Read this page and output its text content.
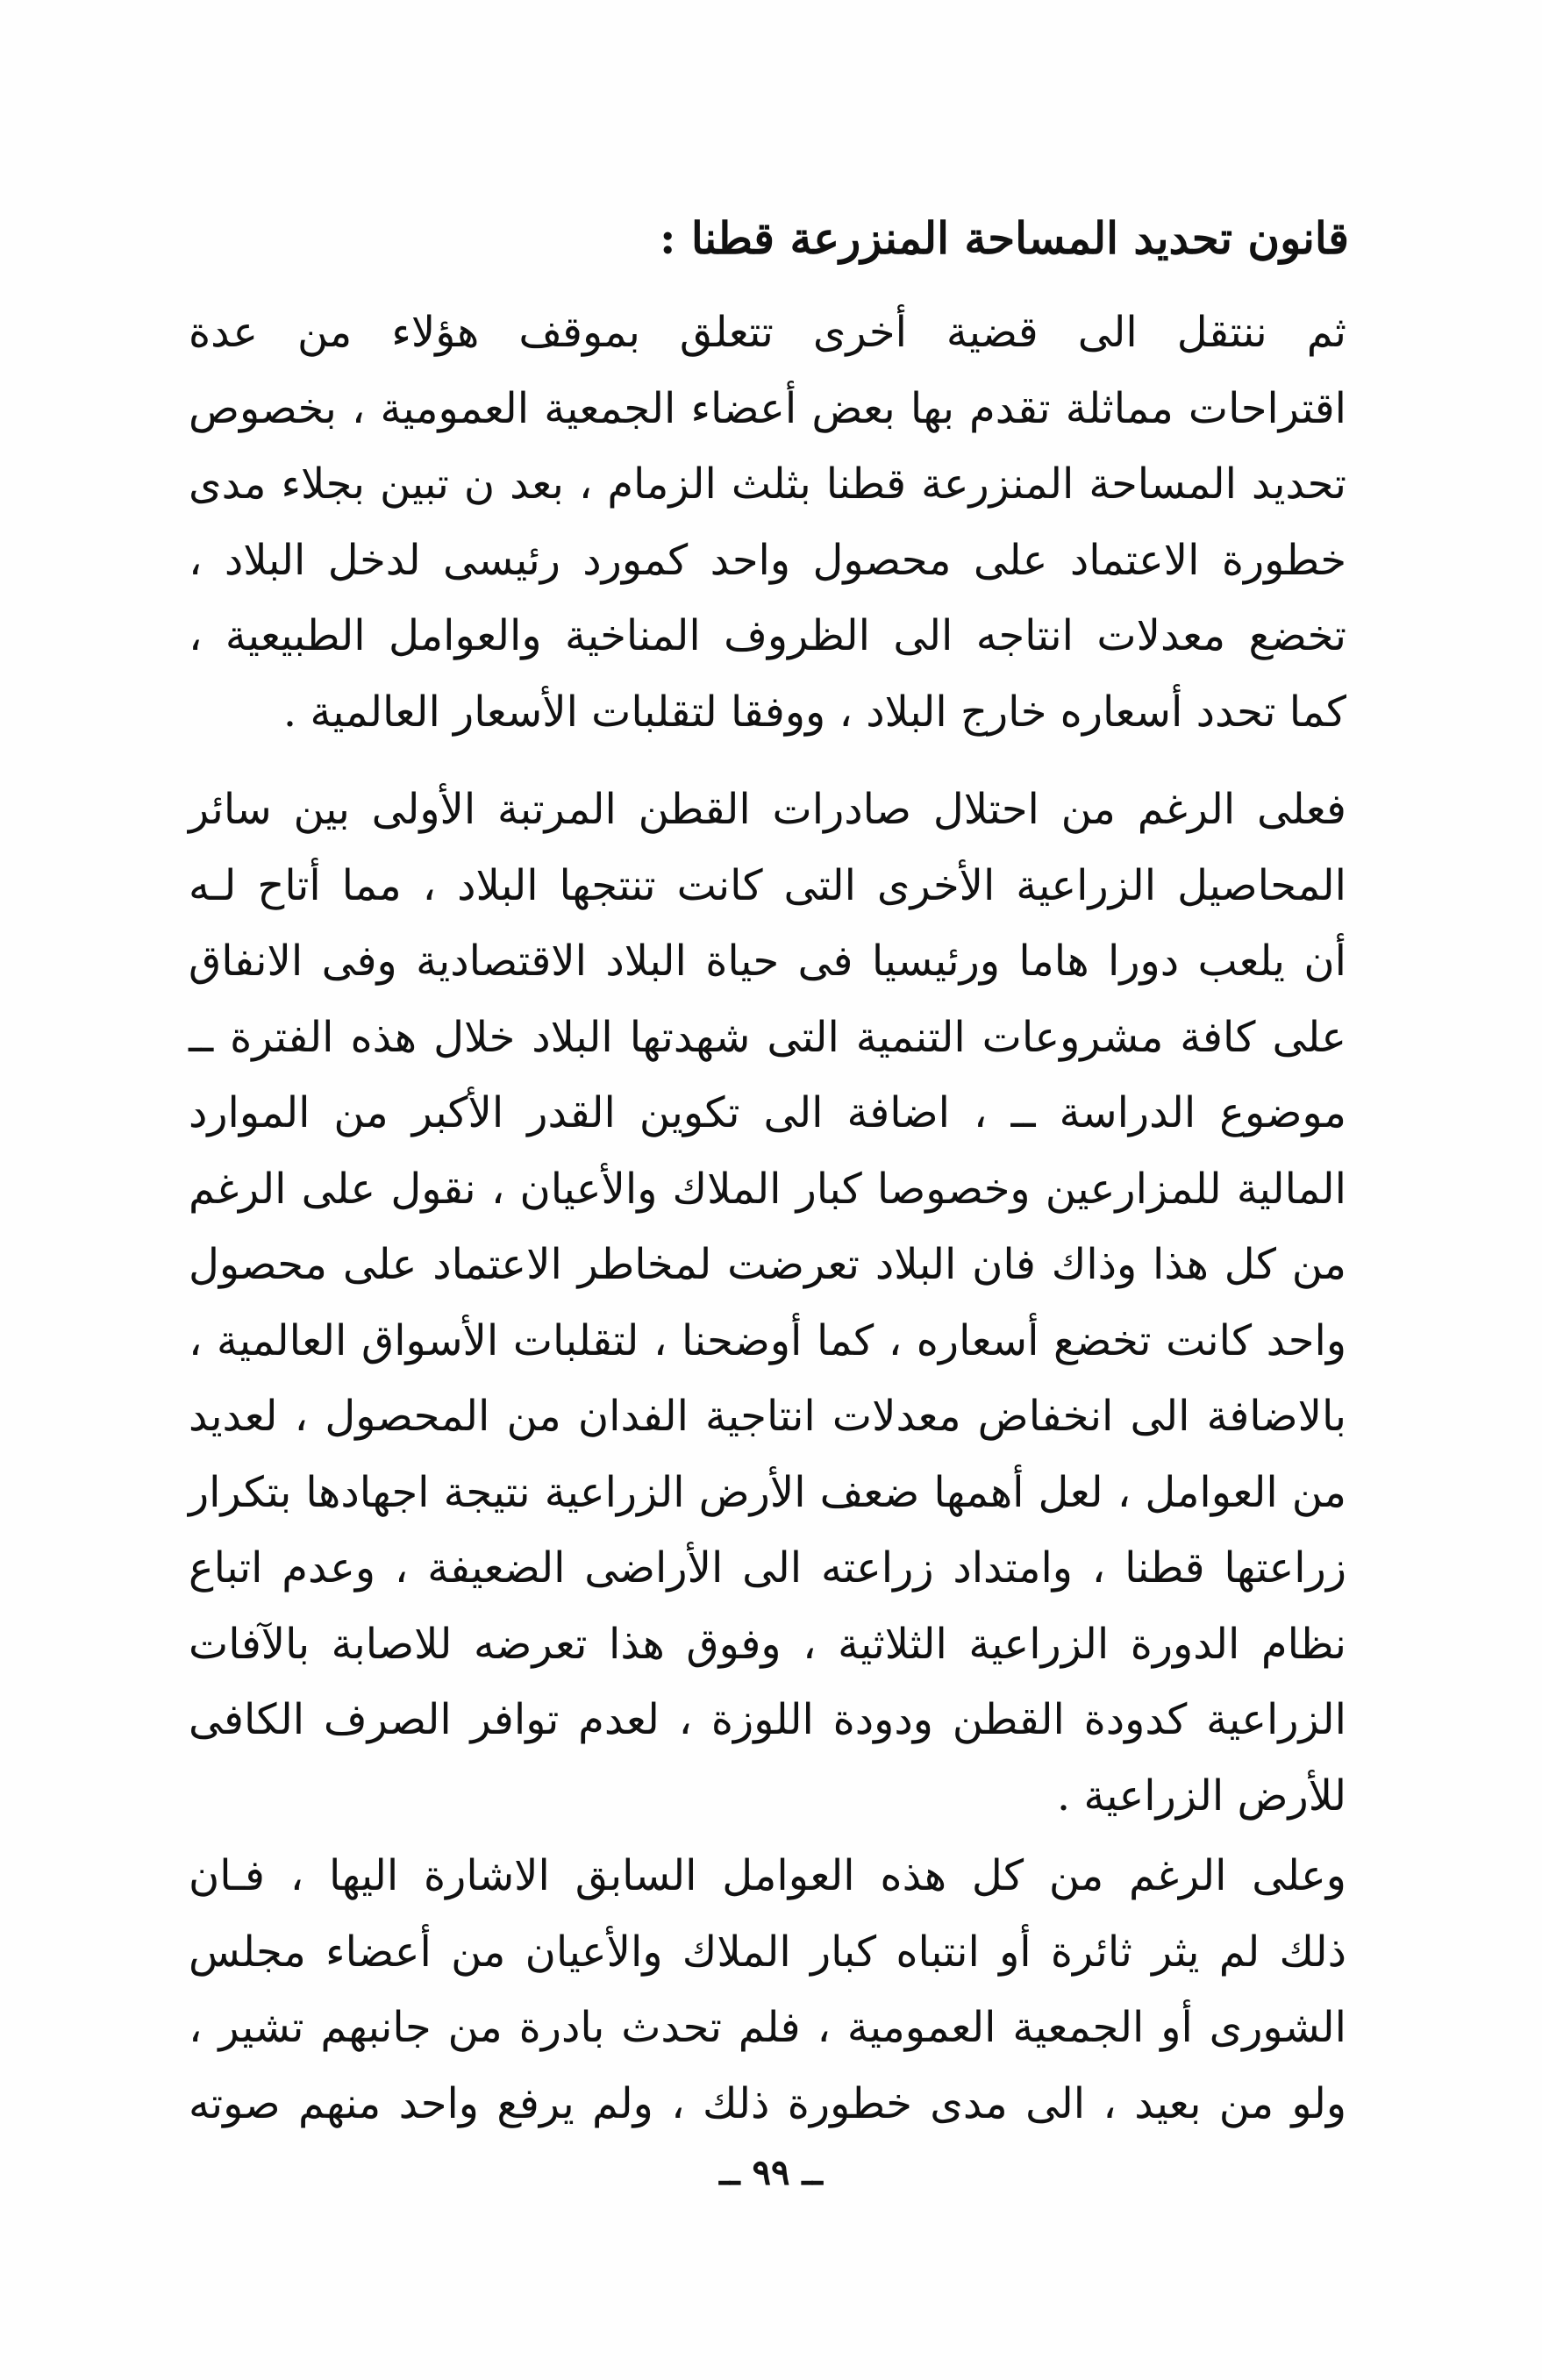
قانون تحديد المساحة المنزرعة قطنا :
ثم ننتقل الى قضية أخرى تتعلق بموقف هؤلاء من عدة
اقتراحات مماثلة تقدم بها بعض أعضاء الجمعية العمومية ، بخصوص
تحديد المساحة المنزرعة قطنا بثلث الزمام ، بعد ن تبين بجلاء مدى
خطورة الاعتماد على محصول واحد كمورد رئيسى لدخل البلاد ،
تخضع معدلات انتاجه الى الظروف المناخية والعوامل الطبيعية ،
كما تحدد أسعاره خارج البلاد ، ووفقا لتقلبات الأسعار العالمية .
فعلى الرغم من احتلال صادرات القطن المرتبة الأولى بين سائر
المحاصيل الزراعية الأخرى التى كانت تنتجها البلاد ، مما أتاح لـه
أن يلعب دورا هاما ورئيسيا فى حياة البلاد الاقتصادية وفى الانفاق
على كافة مشروعات التنمية التى شهدتها البلاد خلال هذه الفترة ــ
موضوع الدراسة ــ ، اضافة الى تكوين القدر الأكبر من الموارد
المالية للمزارعين وخصوصا كبار الملاك والأعيان ، نقول على الرغم
من كل هذا وذاك فان البلاد تعرضت لمخاطر الاعتماد على محصول
واحد كانت تخضع أسعاره ، كما أوضحنا ، لتقلبات الأسواق العالمية ،
بالاضافة الى انخفاض معدلات انتاجية الفدان من المحصول ، لعديد
من العوامل ، لعل أهمها ضعف الأرض الزراعية نتيجة اجهادها بتكرار
زراعتها قطنا ، وامتداد زراعته الى الأراضى الضعيفة ، وعدم اتباع
نظام الدورة الزراعية الثلاثية ، وفوق هذا تعرضه للاصابة بالآفات
الزراعية كدودة القطن ودودة اللوزة ، لعدم توافر الصرف الكافى
للأرض الزراعية .
وعلى الرغم من كل هذه العوامل السابق الاشارة اليها ، فـان
ذلك لم يثر ثائرة أو انتباه كبار الملاك والأعيان من أعضاء مجلس
الشورى أو الجمعية العمومية ، فلم تحدث بادرة من جانبهم تشير ،
ولو من بعيد ، الى مدى خطورة ذلك ، ولم يرفع واحد منهم صوته
ــ ٩٩ ــ
